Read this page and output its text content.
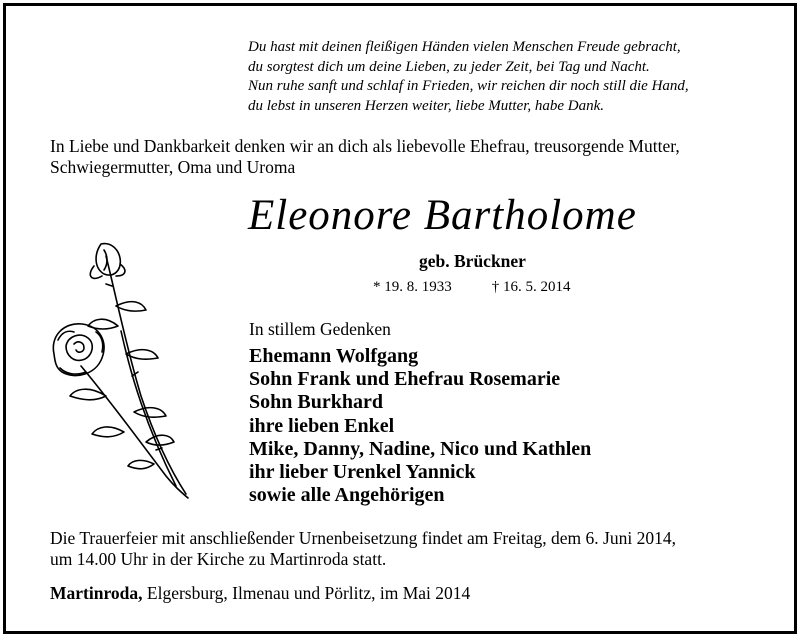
Du hast mit deinen fleißigen Händen vielen Menschen Freude gebracht,
du sorgtest dich um deine Lieben, zu jeder Zeit, bei Tag und Nacht.
Nun ruhe sanft und schlaf in Frieden, wir reichen dir noch still die Hand,
du lebst in unseren Herzen weiter, liebe Mutter, habe Dank.
In Liebe und Dankbarkeit denken wir an dich als liebevolle Ehefrau, treusorgende Mutter,
Schwiegermutter, Oma und Uroma
Eleonore Bartholome
geb. Brückner
* 19. 8. 1933	† 16. 5. 2014
In stillem Gedenken
Ehemann Wolfgang
Sohn Frank und Ehefrau Rosemarie
Sohn Burkhard
ihre lieben Enkel
Mike, Danny, Nadine, Nico und Kathlen
ihr lieber Urenkel Yannick
sowie alle Angehörigen
Die Trauerfeier mit anschließender Urnenbeisetzung findet am Freitag, dem 6. Juni 2014,
um 14.00 Uhr in der Kirche zu Martinroda statt.
Martinroda, Elgersburg, Ilmenau und Pörlitz, im Mai 2014
